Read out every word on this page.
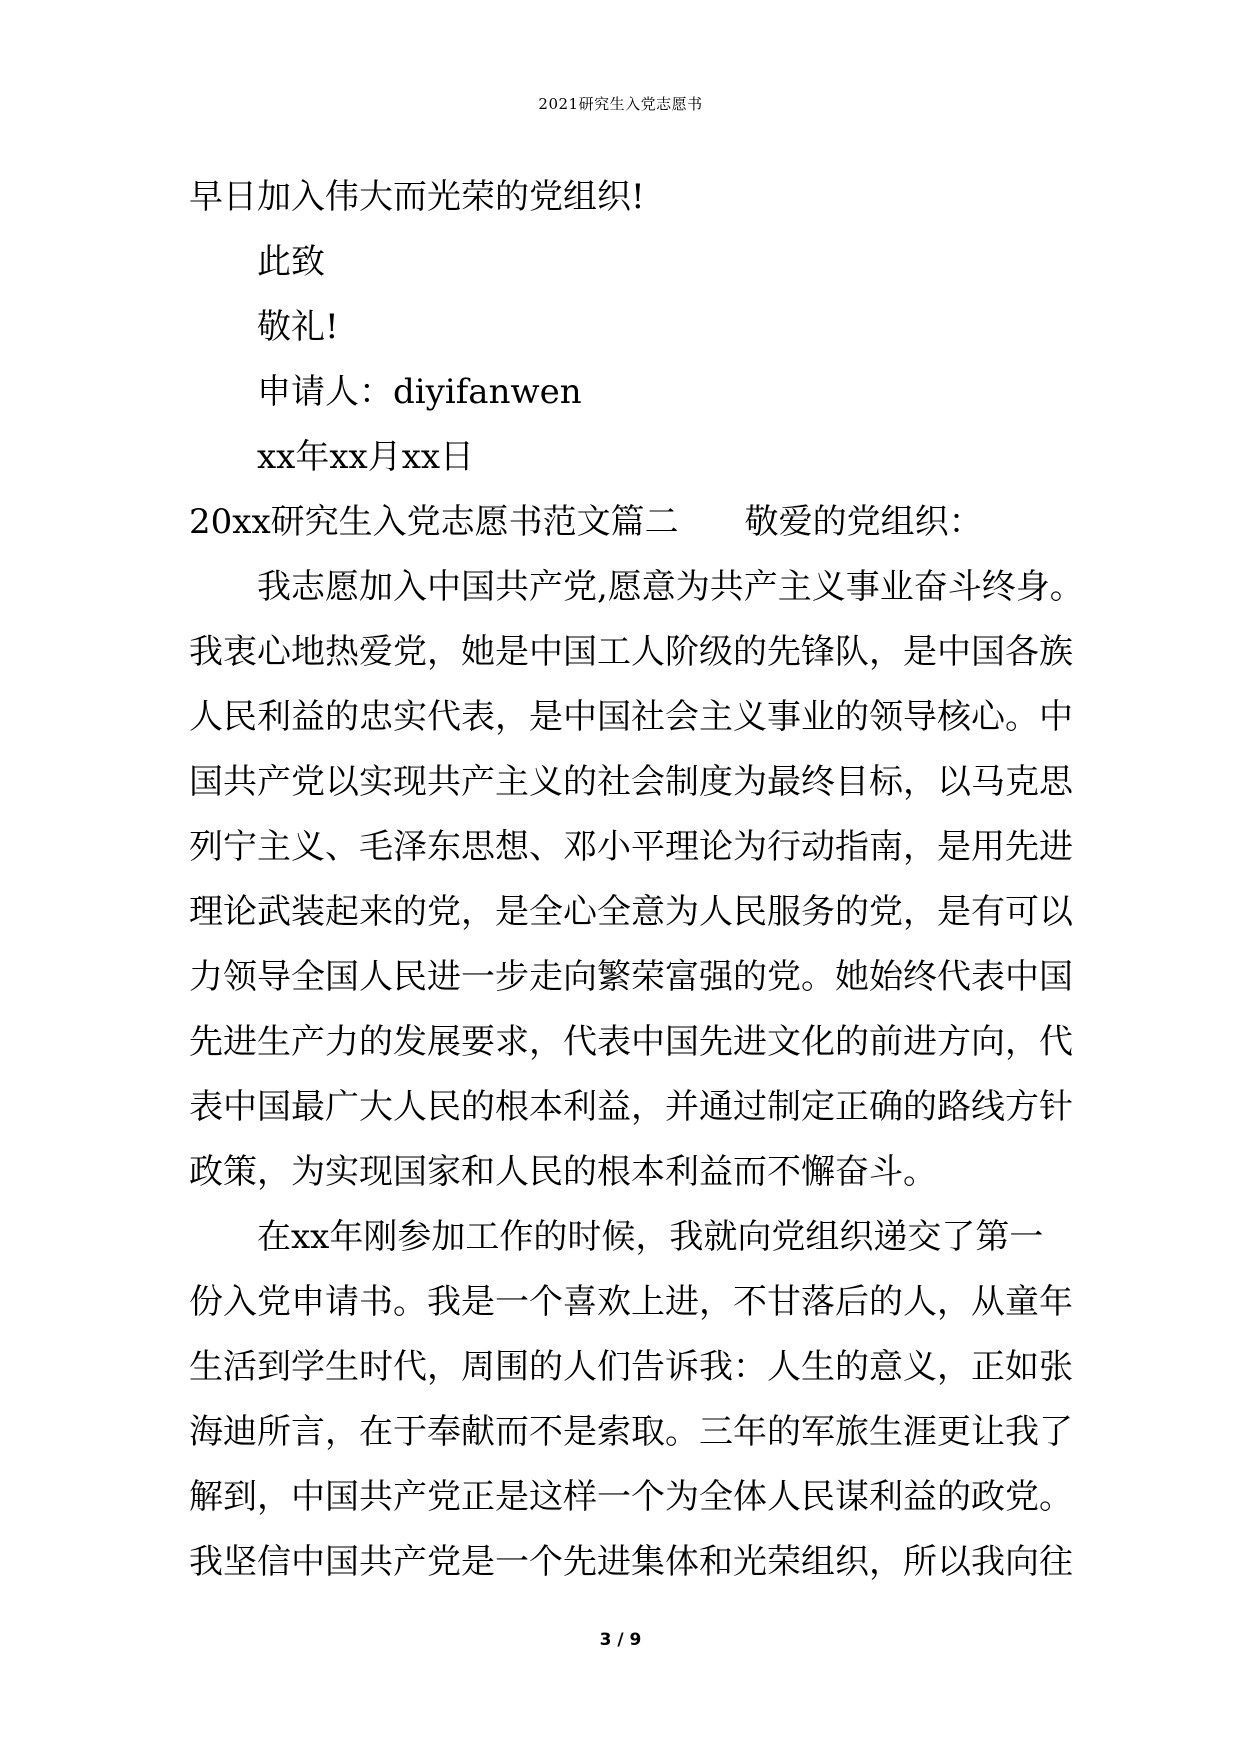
2021研究生入党志愿书
早日加入伟大而光荣的党组织!
此致
敬礼!
申请人：diyifanwen
xx年xx月xx日
20xx研究生入党志愿书范文篇二 敬爱的党组织：
我志愿加入中国共产党,愿意为共产主义事业奋斗终身。
我衷心地热爱党，她是中国工人阶级的先锋队，是中国各族
人民利益的忠实代表，是中国社会主义事业的领导核心。中
国共产党以实现共产主义的社会制度为最终目标，以马克思
列宁主义、毛泽东思想、邓小平理论为行动指南，是用先进
理论武装起来的党，是全心全意为人民服务的党，是有可以
力领导全国人民进一步走向繁荣富强的党。她始终代表中国
先进生产力的发展要求，代表中国先进文化的前进方向，代
表中国最广大人民的根本利益，并通过制定正确的路线方针
政策，为实现国家和人民的根本利益而不懈奋斗。
在xx年刚参加工作的时候，我就向党组织递交了第一
份入党申请书。我是一个喜欢上进，不甘落后的人，从童年
生活到学生时代，周围的人们告诉我：人生的意义，正如张
海迪所言，在于奉献而不是索取。三年的军旅生涯更让我了
解到，中国共产党正是这样一个为全体人民谋利益的政党。
我坚信中国共产党是一个先进集体和光荣组织，所以我向往
3 / 9
